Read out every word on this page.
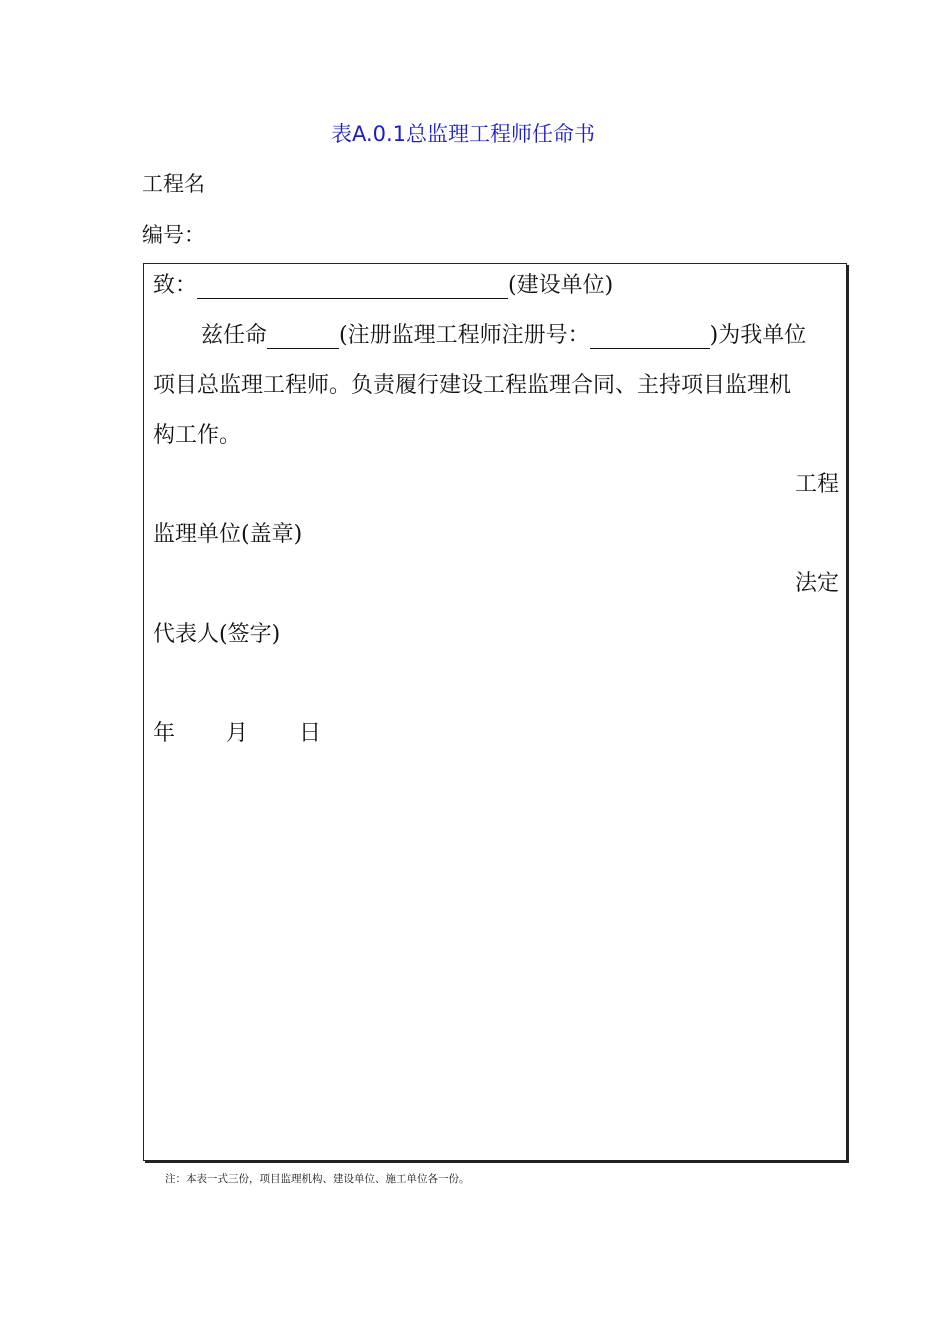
表A.0.1总监理工程师任命书
工程名
编号：
致：	(建设单位)
兹任命	(注册监理工程师注册号：	)为我单位
项目总监理工程师。负责履行建设工程监理合同、主持项目监理机
构工作。
工程
监理单位(盖章)
法定
代表人(签字)
年 月 日
注：本表一式三份，项目监理机构、建设单位、施工单位各一份。
